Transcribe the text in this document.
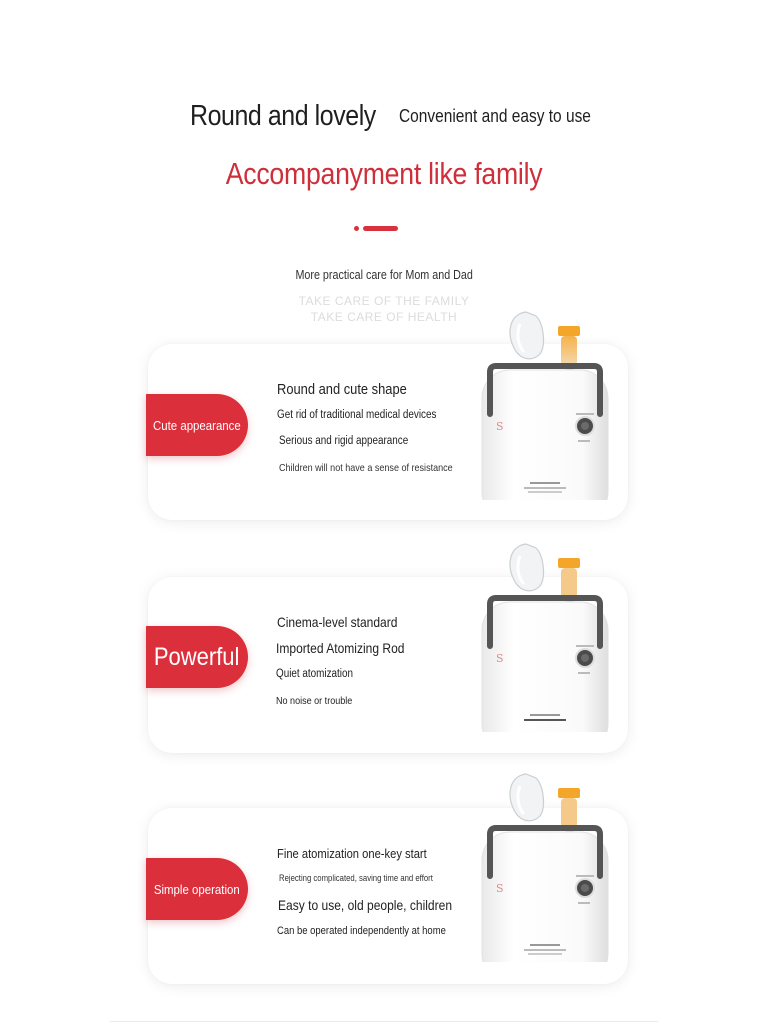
Round and lovely Convenient and easy to use
Accompanyment like family
More practical care for Mom and Dad
TAKE CARE OF THE FAMILY
TAKE CARE OF HEALTH
Cute appearance
Powerful
Simple operation
Round and cute shape
Get rid of traditional medical devices
Serious and rigid appearance
Children will not have a sense of resistance
Cinema-level standard
Imported Atomizing Rod
Quiet atomization
No noise or trouble
Fine atomization one-key start
Rejecting complicated, saving time and effort
Easy to use, old people, children
Can be operated independently at home
S
S
S
